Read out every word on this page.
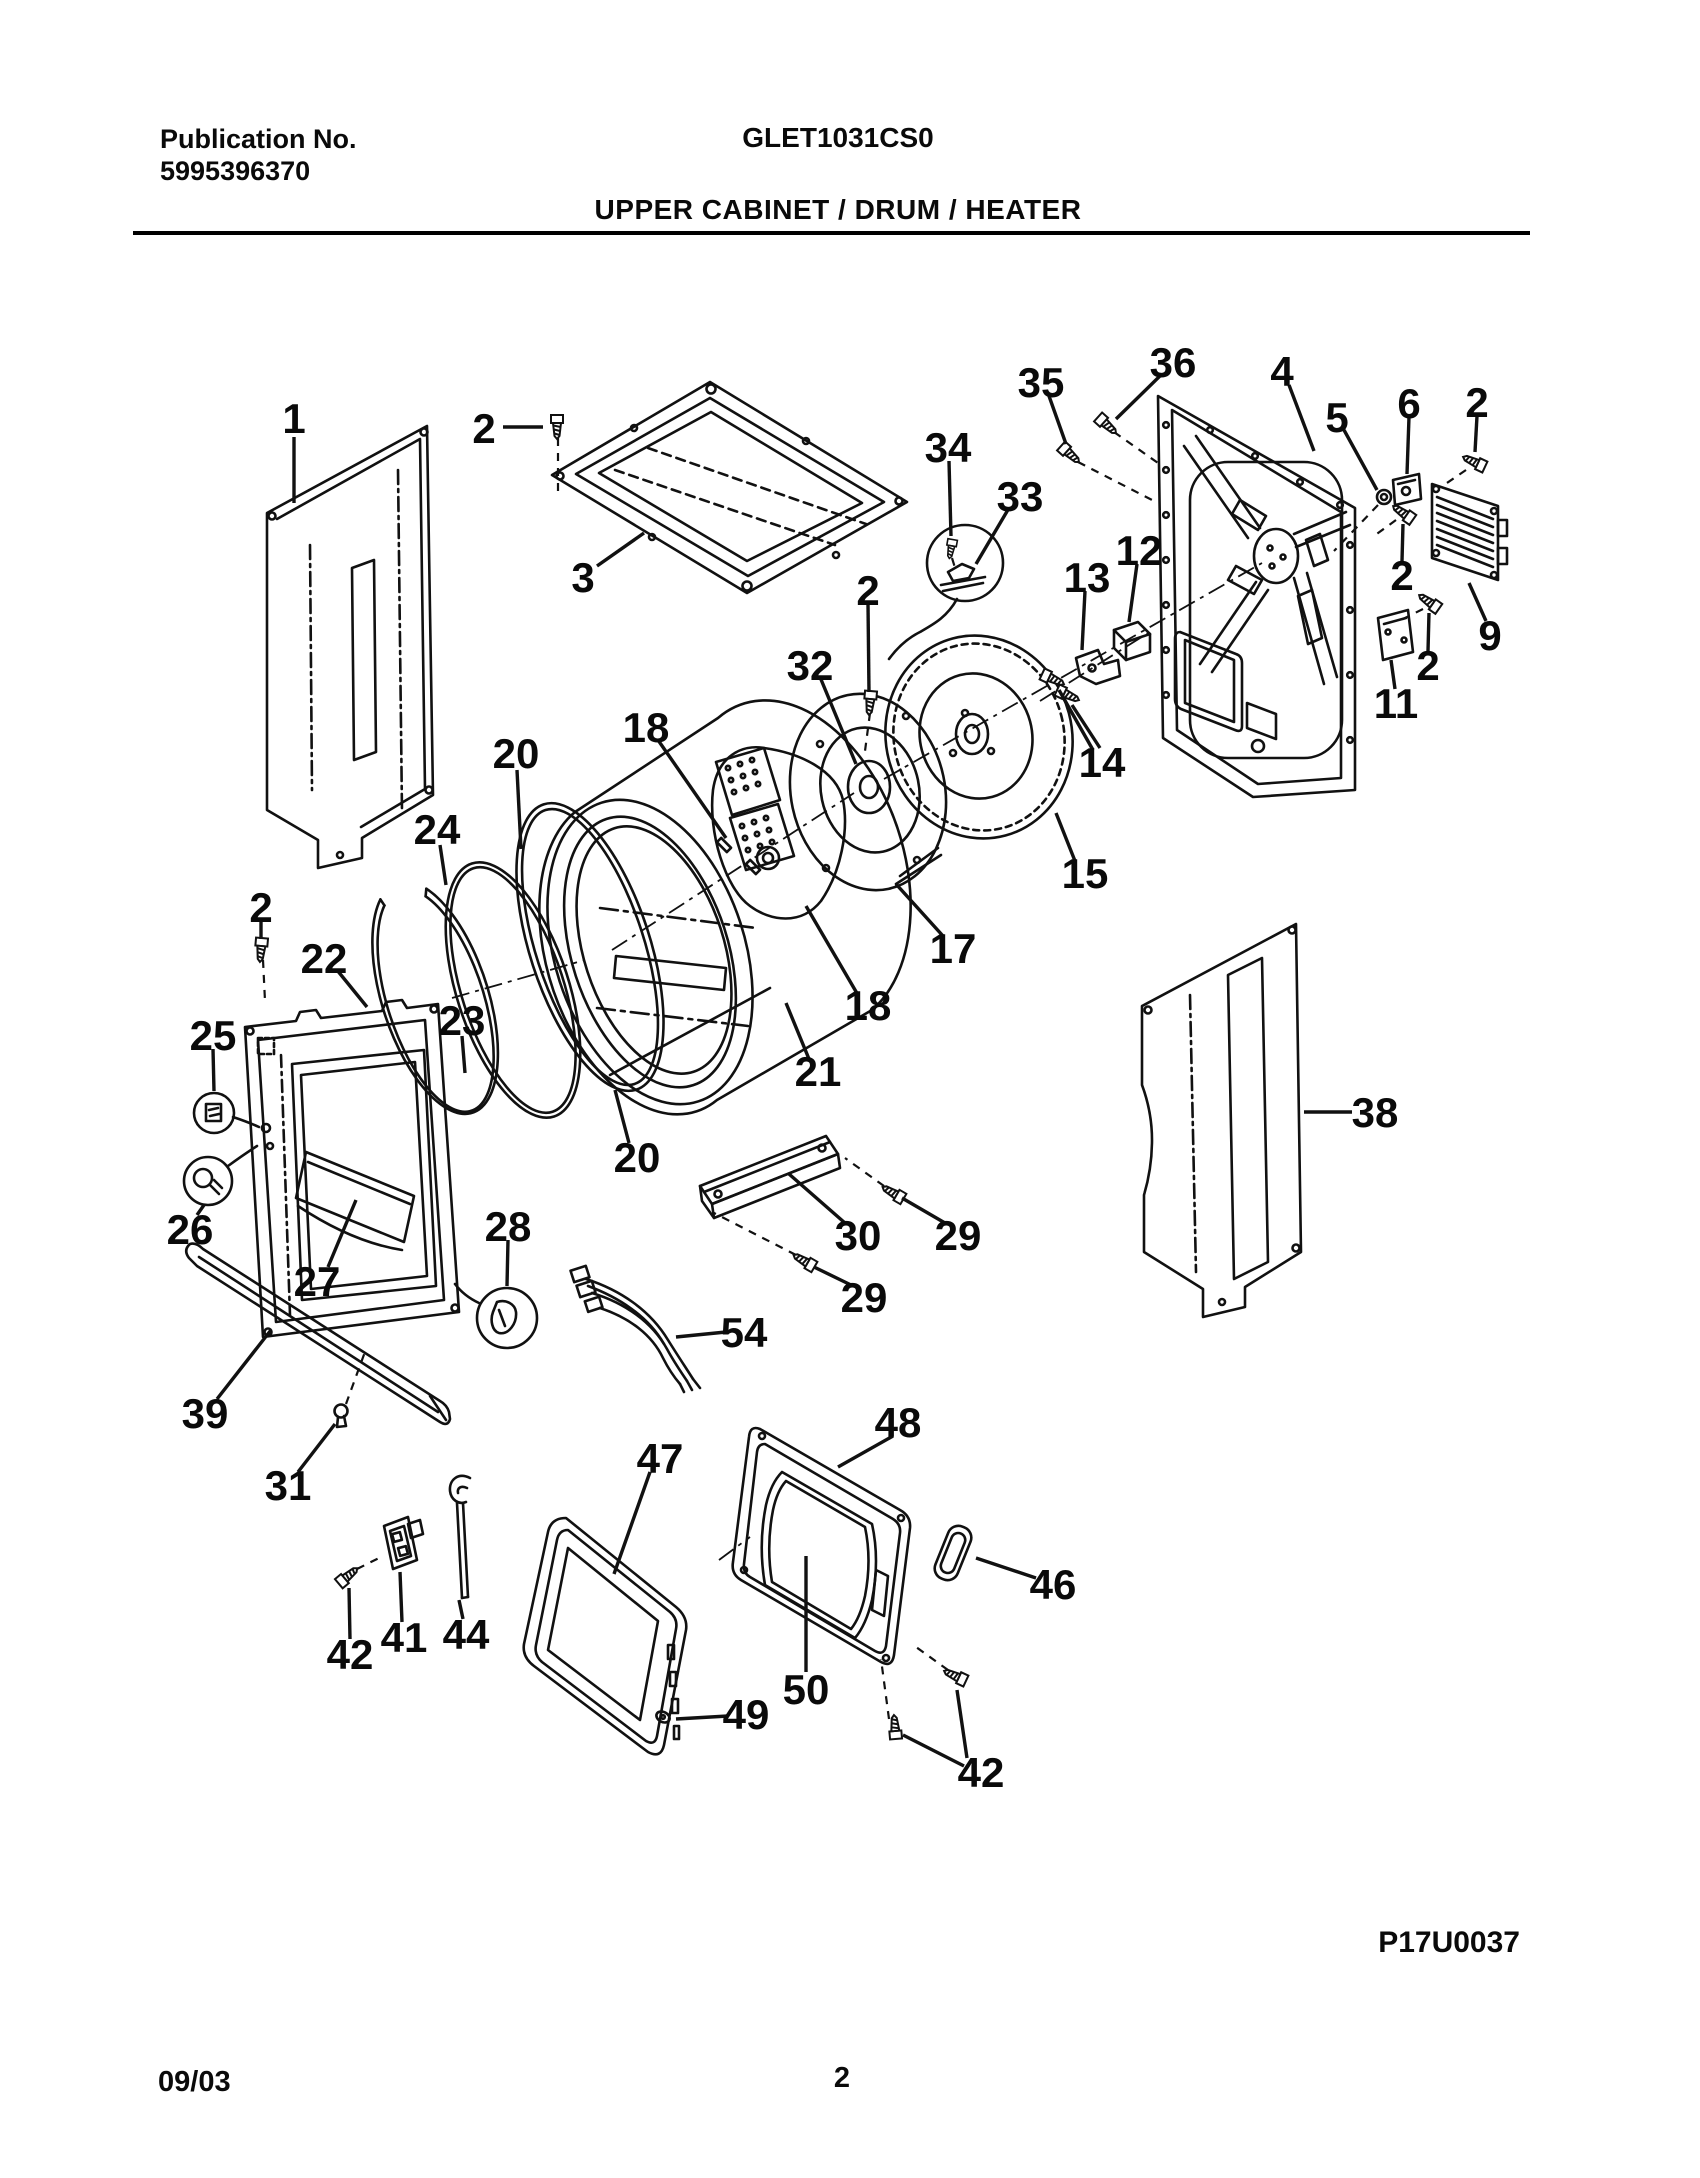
Publication No.
5995396370
GLET1031CS0
UPPER CABINET / DRUM / HEATER
1	2
3
35 36 4
5 6 2
34
33
12
13
2	2
9
2
11
32
18
14
20
15
24
17
2
22
18
23
21
25
20
38
26
27
28	30 29
29
54
39
31
48
47
46
42 41 44
49
50
42
P17U0037
09/03	2
